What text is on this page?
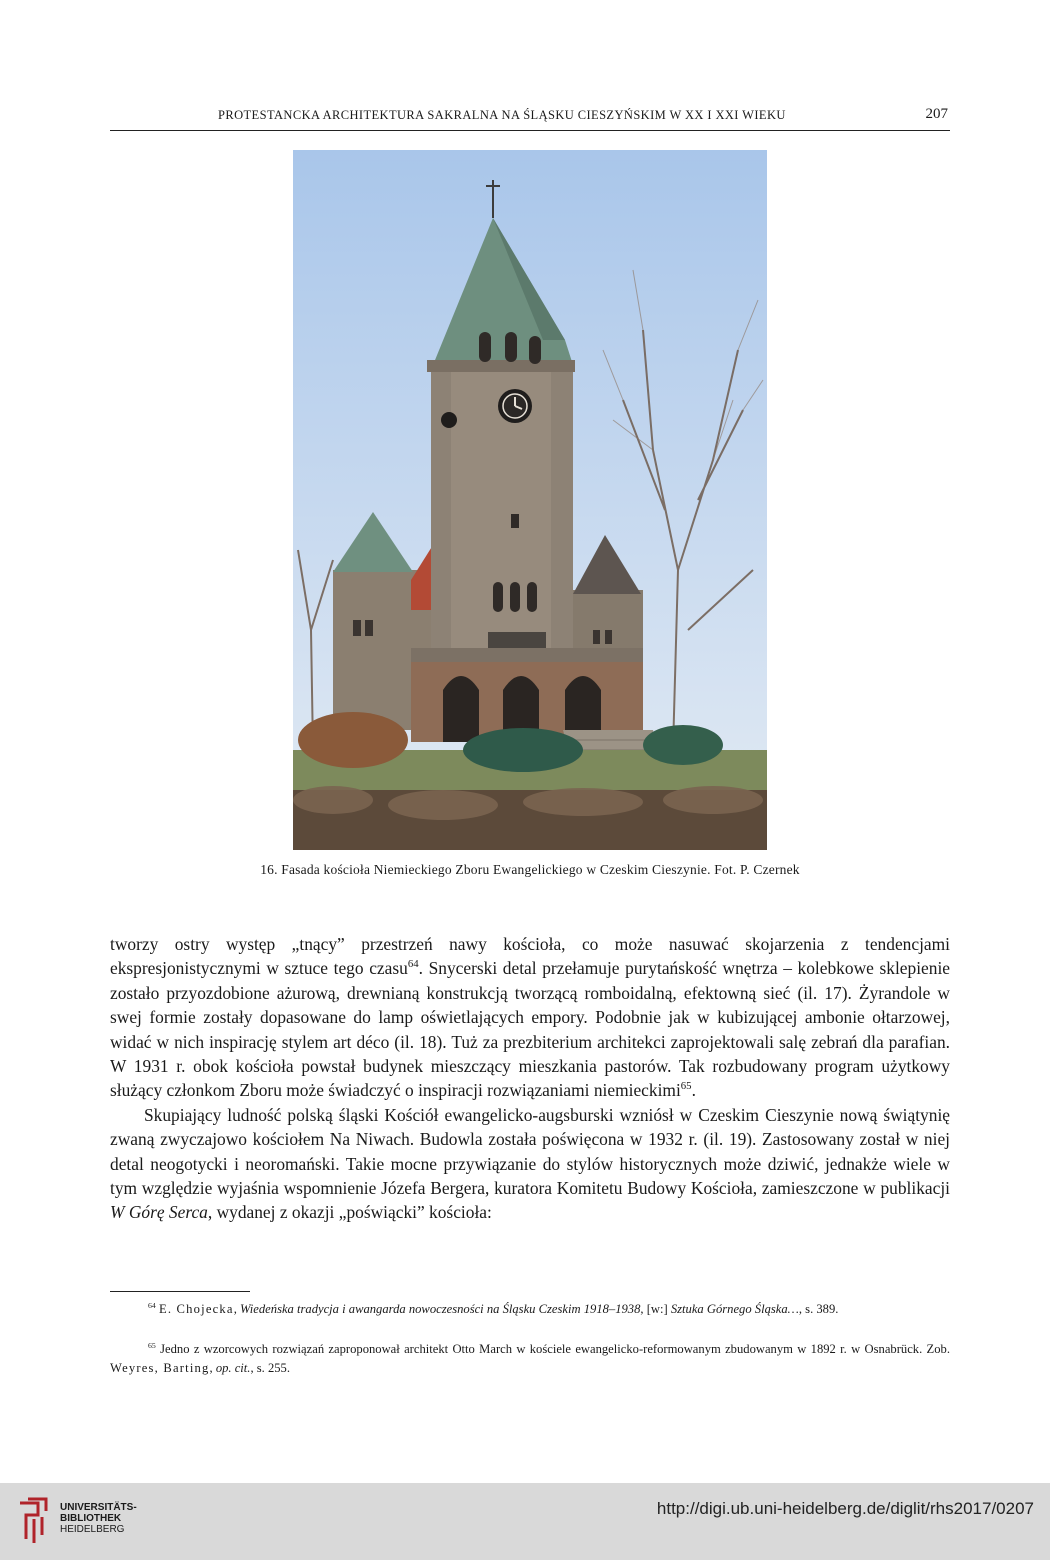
PROTESTANCKA ARCHITEKTURA SAKRALNA NA ŚLĄSKU CIESZYŃSKIM W XX I XXI WIEKU	207
16. Fasada kościoła Niemieckiego Zboru Ewangelickiego w Czeskim Cieszynie. Fot. P. Czernek

tworzy ostry występ „tnący” przestrzeń nawy kościoła, co może nasuwać skojarzenia z tendencjami ekspresjonistycznymi w sztuce tego czasu$^{64}$. Snycerski detal przełamuje purytańskość wnętrza – kolebkowe sklepienie zostało przyozdobione ażurową, drewnianą konstrukcją tworzącą romboidalną, efektowną sieć (il. 17). Żyrandole w swej formie zostały dopasowane do lamp oświetlających empory. Podobnie jak w kubizującej ambonie ołtarzowej, widać w nich inspirację stylem art déco (il. 18). Tuż za prezbiterium architekci zaprojektowali salę zebrań dla parafian. W 1931 r. obok kościoła powstał budynek mieszczący mieszkania pastorów. Tak rozbudowany program użytkowy służący członkom Zboru może świadczyć o inspiracji rozwiązaniami niemieckimi$^{65}$.

Skupiający ludność polską śląski Kościół ewangelicko-augsburski wzniósł w Czeskim Cieszynie nową świątynię zwaną zwyczajowo kościołem Na Niwach. Budowla została poświęcona w 1932 r. (il. 19). Zastosowany został w niej detal neogotycki i neoromański. Takie mocne przywiązanie do stylów historycznych może dziwić, jednakże wiele w tym względzie wyjaśnia wspomnienie Józefa Bergera, kuratora Komitetu Budowy Kościoła, zamieszczone w publikacji W Górę Serca, wydanej z okazji „poświącki” kościoła:

$^{64}$ E. Chojecka, Wiedeńska tradycja i awangarda nowoczesności na Śląsku Czeskim 1918–1938, [w:] Sztuka Górnego Śląska…, s. 389.

$^{65}$ Jedno z wzorcowych rozwiązań zaproponował architekt Otto March w kościele ewangelicko-reformowanym zbudowanym w 1892 r. w Osnabrück. Zob. Weyres, Barting, op. cit., s. 255.

UNIVERSITÄTS-
BIBLIOTHEK
HEIDELBERG
http://digi.ub.uni-heidelberg.de/diglit/rhs2017/0207
